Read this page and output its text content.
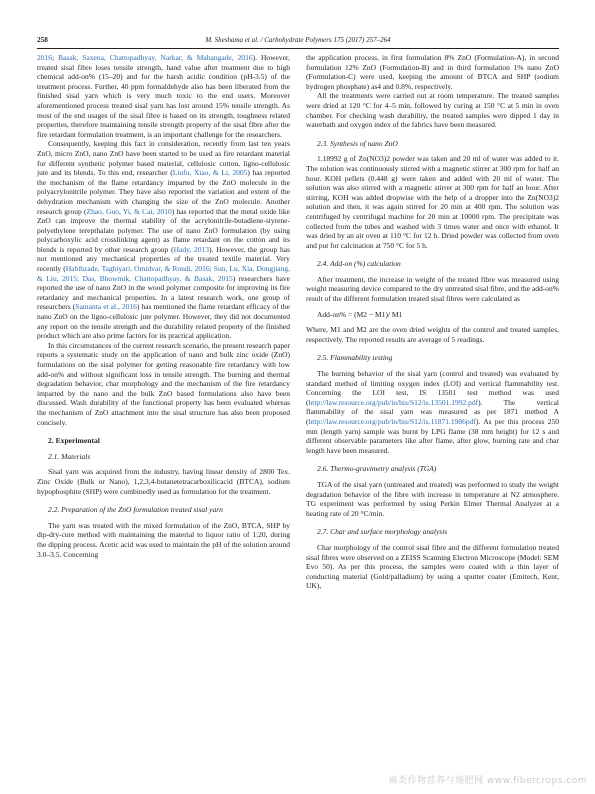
258	M. Sheshama et al. / Carbohydrate Polymers 175 (2017) 257–264

2016; Basak, Saxena, Chattopadhyay, Narkar, & Mahangade, 2016). However, treated sisal fibre loses tensile strength, hand value after treatment due to high chemical add-on% (15–20) and for the harsh acidic condition (pH-3.5) of the treatment process. Further, 40 ppm formaldehyde also has been liberated from the finished sisal yarn which is very much toxic to the end users. Moreover aforementioned process treated sisal yarn has lost around 15% tensile strength. As most of the end usages of the sisal fibre is based on its strength, toughness related properties, therefore maintaining tensile strength property of the sisal fibre after the fire retardant formulation treatment, is an important challenge for the researchers.

Consequently, keeping this fact in consideration, recently from last ten years ZnO, micro ZnO, nano ZnO have been started to be used as fire retardant material for different synthetic polymer based material, cellulosic cotton, ligno-cellulosic jute and its blends. To this end, researcher (Liufu, Xiao, & Li, 2005) has reported the mechanism of the flame retardancy imparted by the ZnO molecule in the polyacrylonitrile polymer. They have also reported the variation and extent of the dehydration mechanism with changing the size of the ZnO molecule. Another research group (Zhao, Guo, Yi, & Cai, 2010) has reported that the metal oxide like ZnO can improve the thermal stability of the acrylonitrile-butadiene-styrene-polyethylene terepthalate polymer. The use of nano ZnO formulation (by using polycarboxylic acid crosslinking agent) as flame retardant on the cotton and its blends is reported by other research group (Hady, 2013). However, the group has not mentioned any mechanical properties of the treated textile material. Very recently (Habibzade, Taghiyari, Omidvar, & Roudi, 2016; Sun, Lu, Xia, Dongjiang, & Liu, 2015; Das, Bhowmik, Chattopadhyay, & Basak, 2015) researchers have reported the use of nano ZnO in the wood polymer composite for improving its fire retardancy and mechanical properties. In a latest research work, one group of researchers (Samanta et al., 2016) has mentioned the flame retardant efficacy of the nano ZnO on the ligno-cellulosic jute polymer. However, they did not documented any report on the tensile strength and the durability related property of the finished product which are also prime factors for its practical application.

In this circumstances of the current research scenario, the present research paper reports a systematic study on the application of nano and bulk zinc oxide (ZnO) formulations on the sisal polymer for getting reasonable fire retardancy with low add-on% and without significant loss in tensile strength. The burning and thermal degradation behavior, char morphology and the mechanism of the fire retardancy imparted by the nano and the bulk ZnO based formulations also have been discussed. Wash durability of the functional property has been evaluated whereas the mechanism of ZnO attachment into the sisal structure has also been proposed concisely.

2. Experimental

2.1. Materials

Sisal yarn was acquired from the industry, having linear density of 2800 Tex. Zinc Oxide (Bulk or Nano), 1,2,3,4-butanetetracarboxilicacid (BTCA), sodium hypophosphite (SHP) were combinedly used as formulation for the treatment.

2.2. Preparation of the ZnO formulation treated sisal yarn

The yarn was treated with the mixed formulation of the ZnO, BTCA, SHP by dip-dry-cure method with maintaining the material to liquor ratio of 1:20, during the dipping process. Acetic acid was used to maintain the pH of the solution around 3.0–3.5. Concerning

the application process, in first formulation 8% ZnO (Formulation-A), in second formulation 12% ZnO (Formulation-B) and in third formulation 1% nano ZnO (Formulation-C) were used, keeping the amount of BTCA and SHP (sodium hydrogen phosphate) as4 and 0.8%, respectively.

All the treatments were carried out at room temperature. The treated samples were dried at 120 °C for 4–5 min, followed by curing at 150 °C at 5 min in oven chamber. For checking wash durability, the treated samples were dipped 1 day in waterbath and oxygen index of the fabrics have been measured.

2.3. Synthesis of nano ZnO

1.18992 g of Zn(NO3)2 powder was taken and 20 ml of water was added to it. The solution was continuously stirred with a magnetic stirrer at 300 rpm for half an hour. KOH pellets (0.448 g) were taken and added with 20 ml of water. The solution was also stirred with a magnetic stirrer at 300 rpm for half an hour. After stirring, KOH was added dropwise with the help of a dropper into the Zn(NO3)2 solution and then, it was again stirred for 20 min at 400 rpm. The solution was centrifuged by centrifugal machine for 20 min at 10000 rpm. The precipitate was collected from the tubes and washed with 3 times water and once with ethanol. It was dried by an air oven at 110 °C for 12 h. Dried powder was collected from oven and put for calcination at 750 °C for 5 h.

2.4. Add-on (%) calculation

After treatment, the increase in weight of the treated fibre was measured using weight measuring device compared to the dry untreated sisal fibre, and the add-on% result of the different formulation treated sisal fibres were calculated as

Add-on% = (M2 − M1)/ M1

Where, M1 and M2 are the oven dried weights of the control and treated samples, respectively. The reported results are average of 5 readings.

2.5. Flammability testing

The burning behavior of the sisal yarn (control and treated) was evaluated by standard method of limiting oxygen index (LOI) and vertical flammability test. Concerning the LOI test, IS 13501 test method was used (http://law.resource.org/pub/in/bis/S12/is.13501.1992.pdf). The vertical flammability of the sisal yarn was measured as per 1871 method A (http://law.resource.org/pub/in/bis/S12/is.11871.1986pdf). As per this process 250 mm (length yarn) sample was burnt by LPG flame (38 mm height) for 12 s and different observable parameters like after flame, after glow, burning rate and char length have been measured.

2.6. Thermo-gravimetry analysis (TGA)

TGA of the sisal yarn (untreated and treated) was performed to study the weight degradation behavior of the fibre with increase in temperature at N2 atmosphere. TG experiment was performed by using Perkin Elmer Thermal Analyzer at a heating rate of 20 °C/min.

2.7. Char and surface morphology analysis

Char morphology of the control sisal fibre and the different formulation treated sisal fibres were observed on a ZEISS Scanning Electron Microscope (Model: SEM Evo 50). As per this process, the samples were coated with a thin layer of conducting material (Gold/palladium) by using a sputter coater (Emitech, Kent, UK),

麻类作物营养与施肥网 www.fibercrops.com
